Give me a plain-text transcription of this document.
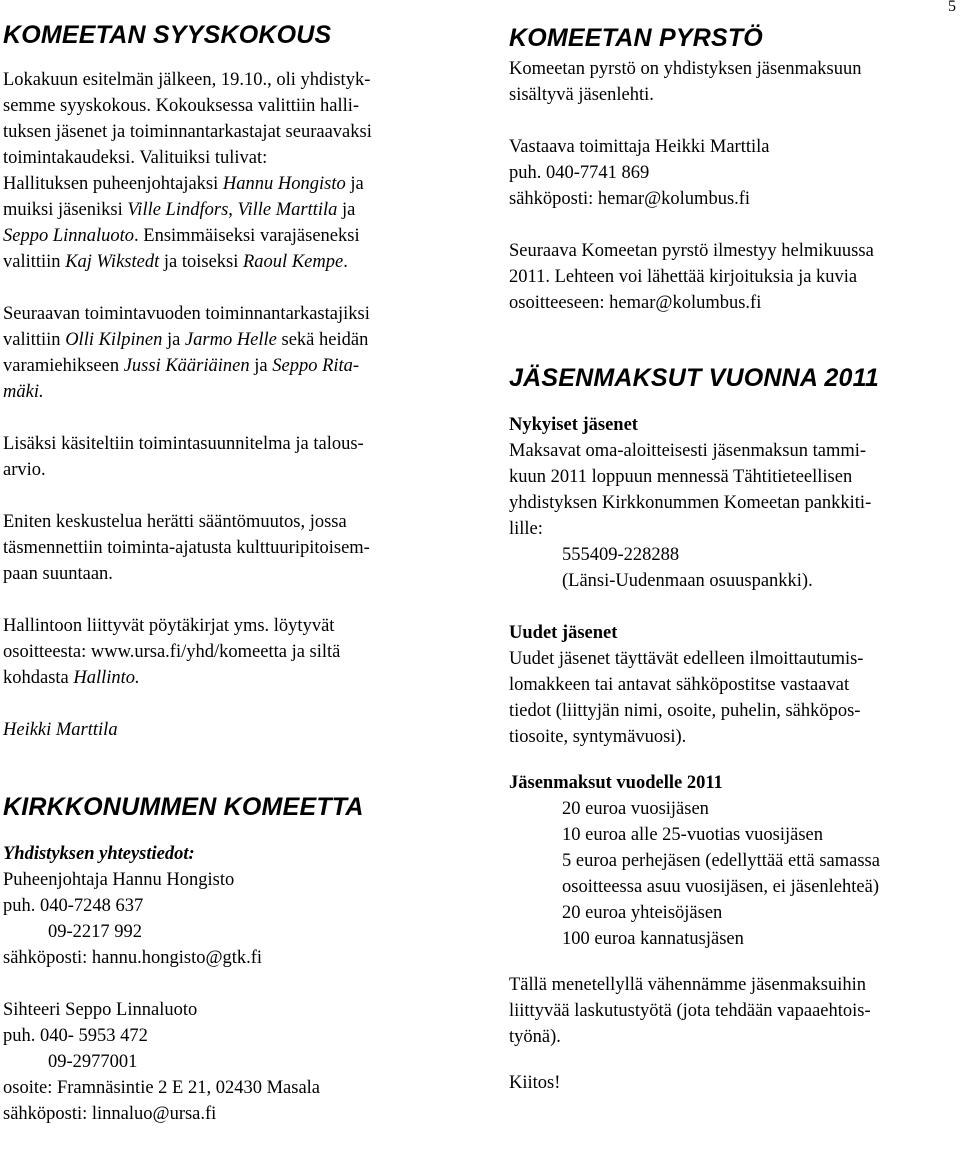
5
KOMEETAN SYYSKOKOUS

Lokakuun esitelmän jälkeen, 19.10., oli yhdistyk-
semme syyskokous. Kokouksessa valittiin halli-
tuksen jäsenet ja toiminnantarkastajat seuraavaksi
toimintakaudeksi. Valituiksi tulivat:
Hallituksen puheenjohtajaksi Hannu Hongisto ja
muiksi jäseniksi Ville Lindfors, Ville Marttila ja
Seppo Linnaluoto. Ensimmäiseksi varajäseneksi
valittiin Kaj Wikstedt ja toiseksi Raoul Kempe.

Seuraavan toimintavuoden toiminnantarkastajiksi
valittiin Olli Kilpinen ja Jarmo Helle sekä heidän
varamiehikseen Jussi Kääriäinen ja Seppo Rita-
mäki.

Lisäksi käsiteltiin toimintasuunnitelma ja talous-
arvio.

Eniten keskustelua herätti sääntömuutos, jossa
täsmennettiin toiminta-ajatusta kulttuuripitoisem-
paan suuntaan.

Hallintoon liittyvät pöytäkirjat yms. löytyvät
osoitteesta: www.ursa.fi/yhd/komeetta ja siltä
kohdasta Hallinto.

Heikki Marttila

KIRKKONUMMEN KOMEETTA

Yhdistyksen yhteystiedot:

Puheenjohtaja Hannu Hongisto
puh. 040-7248 637
09-2217 992
sähköposti: hannu.hongisto@gtk.fi

Sihteeri Seppo Linnaluoto
puh. 040- 5953 472
09-2977001
osoite: Framnäsintie 2 E 21, 02430 Masala
sähköposti: linnaluo@ursa.fi

KOMEETAN PYRSTÖ

Komeetan pyrstö on yhdistyksen jäsenmaksuun
sisältyvä jäsenlehti.

Vastaava toimittaja Heikki Marttila
puh. 040-7741 869
sähköposti: hemar@kolumbus.fi

Seuraava Komeetan pyrstö ilmestyy helmikuussa
2011. Lehteen voi lähettää kirjoituksia ja kuvia
osoitteeseen: hemar@kolumbus.fi

JÄSENMAKSUT VUONNA 2011

Nykyiset jäsenet

Maksavat oma-aloitteisesti jäsenmaksun tammi-
kuun 2011 loppuun mennessä Tähtitieteellisen
yhdistyksen Kirkkonummen Komeetan pankkiti-
lille:
555409-228288
(Länsi-Uudenmaan osuuspankki).

Uudet jäsenet

Uudet jäsenet täyttävät edelleen ilmoittautumis-
lomakkeen tai antavat sähköpostitse vastaavat
tiedot (liittyjän nimi, osoite, puhelin, sähköpos-
tiosoite, syntymävuosi).

Jäsenmaksut vuodelle 2011

20 euroa vuosijäsen
10 euroa alle 25-vuotias vuosijäsen
5 euroa perhejäsen (edellyttää että samassa
osoitteessa asuu vuosijäsen, ei jäsenlehteä)
20 euroa yhteisöjäsen
100 euroa kannatusjäsen

Tällä menetellyllä vähennämme jäsenmaksuihin
liittyvää laskutustyötä (jota tehdään vapaaehtois-
työnä).

Kiitos!
